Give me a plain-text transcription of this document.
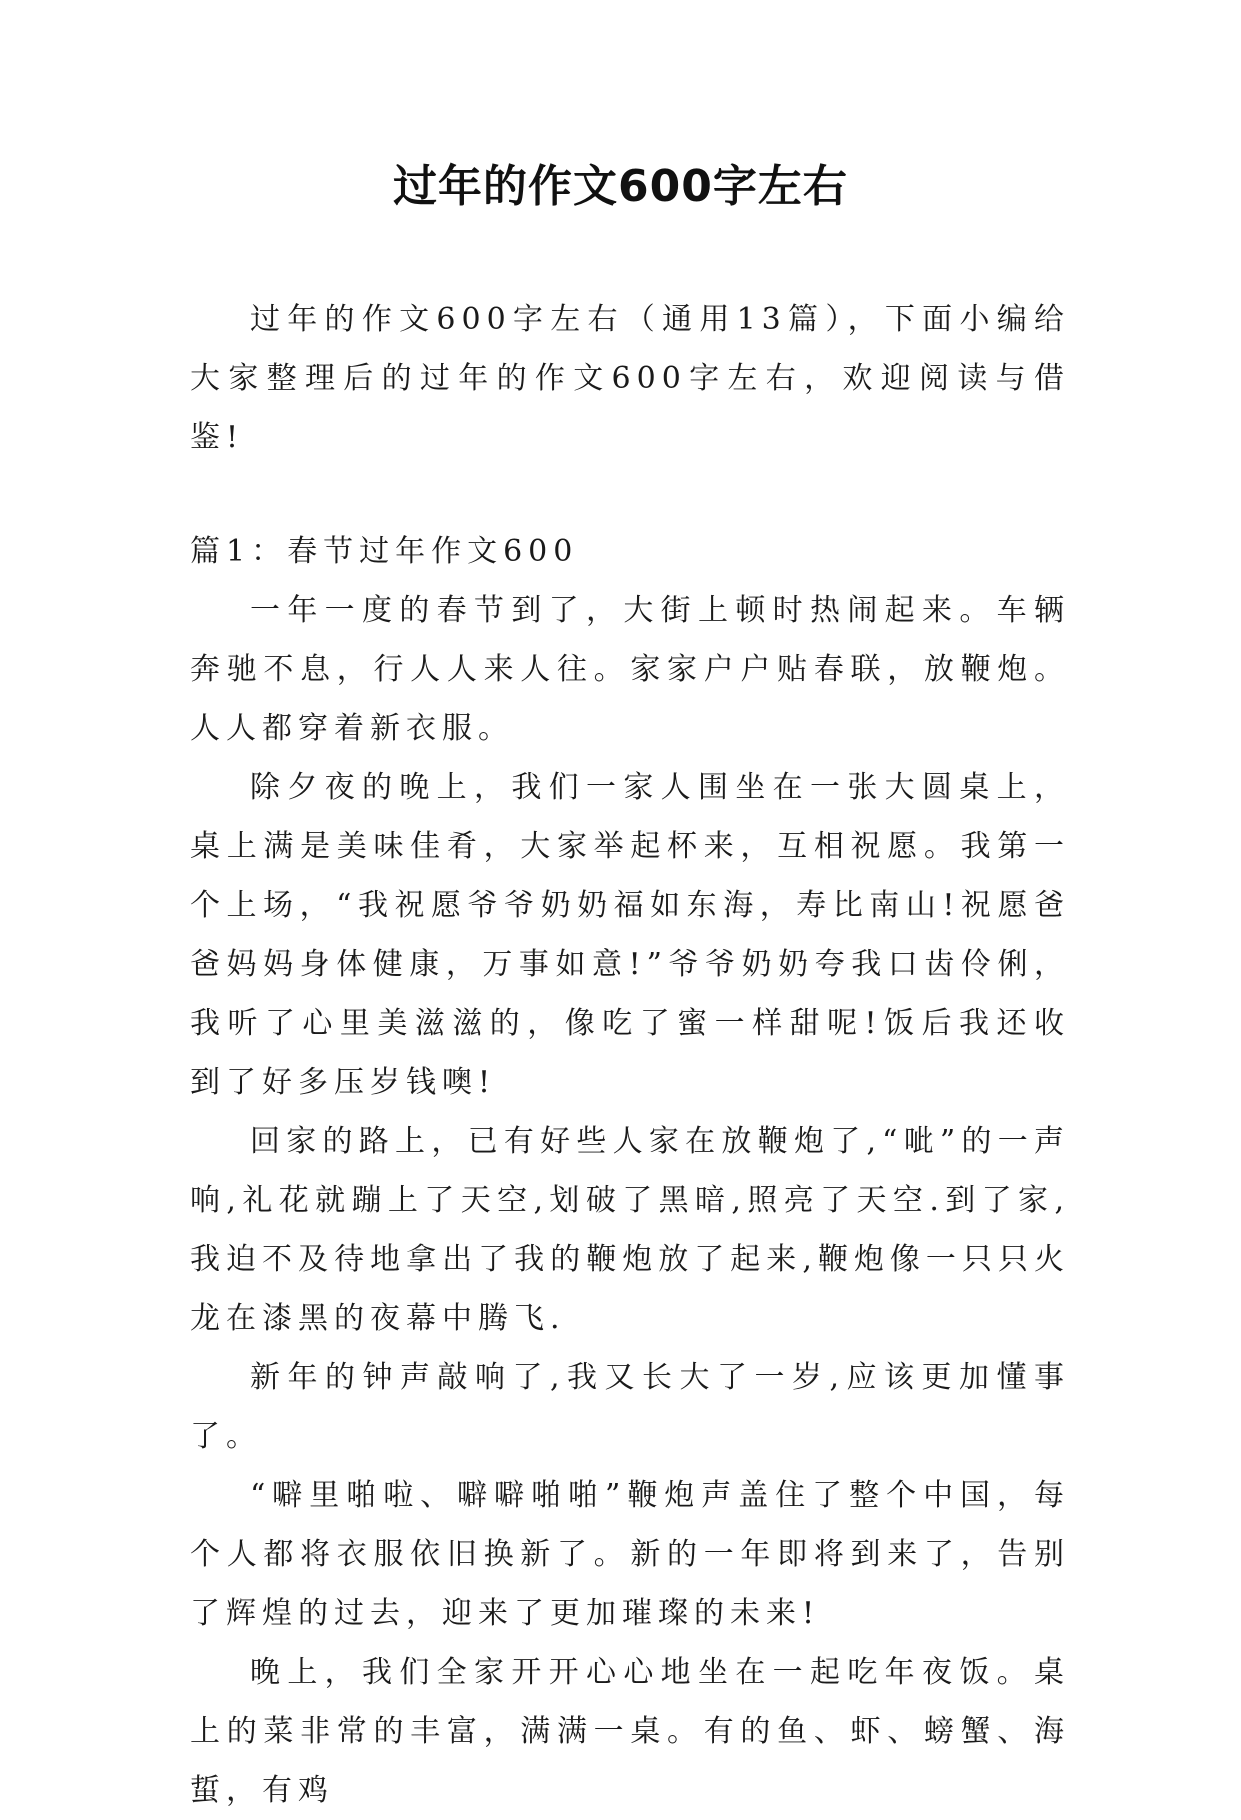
过年的作文600字左右

过年的作文600字左右（通用13篇），下面小编给大家整理后的过年的作文600字左右，欢迎阅读与借鉴!

篇1：春节过年作文600

一年一度的春节到了，大街上顿时热闹起来。车辆奔驰不息，行人人来人往。家家户户贴春联，放鞭炮。人人都穿着新衣服。

除夕夜的晚上，我们一家人围坐在一张大圆桌上，桌上满是美味佳肴，大家举起杯来，互相祝愿。我第一个上场，“我祝愿爷爷奶奶福如东海，寿比南山!祝愿爸爸妈妈身体健康，万事如意!”爷爷奶奶夸我口齿伶俐，我听了心里美滋滋的，像吃了蜜一样甜呢!饭后我还收到了好多压岁钱噢!

回家的路上，已有好些人家在放鞭炮了,“呲”的一声响,礼花就蹦上了天空,划破了黑暗,照亮了天空.到了家,我迫不及待地拿出了我的鞭炮放了起来,鞭炮像一只只火龙在漆黑的夜幕中腾飞.

新年的钟声敲响了,我又长大了一岁,应该更加懂事了。

“噼里啪啦、噼噼啪啪”鞭炮声盖住了整个中国，每个人都将衣服依旧换新了。新的一年即将到来了，告别了辉煌的过去，迎来了更加璀璨的未来!

晚上，我们全家开开心心地坐在一起吃年夜饭。桌上的菜非常的丰富，满满一桌。有的鱼、虾、螃蟹、海蜇，有鸡
